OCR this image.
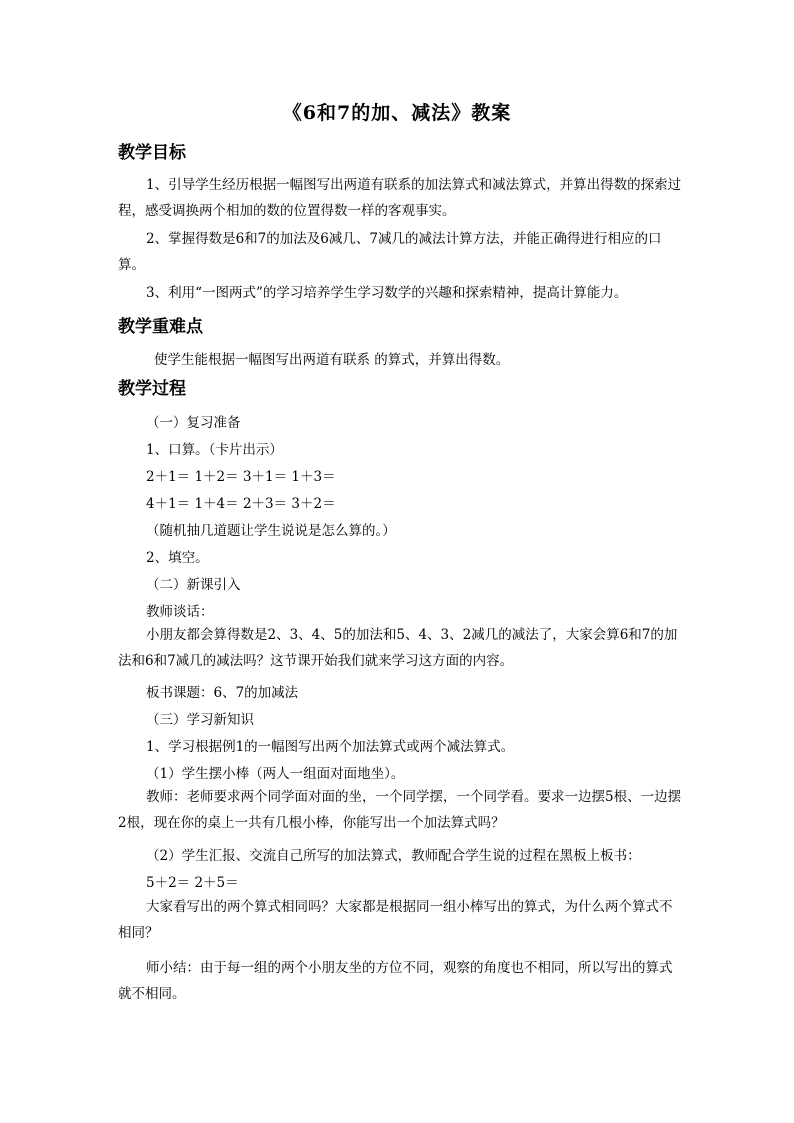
《6和7的加、减法》教案
教学目标
1、引导学生经历根据一幅图写出两道有联系的加法算式和减法算式，并算出得数的探索过程，感受调换两个相加的数的位置得数一样的客观事实。
2、掌握得数是6和7的加法及6减几、7减几的减法计算方法，并能正确得进行相应的口算。
3、利用“一图两式”的学习培养学生学习数学的兴趣和探索精神，提高计算能力。
教学重难点
使学生能根据一幅图写出两道有联系 的算式，并算出得数。
教学过程
（一）复习准备
1、口算。（卡片出示）
2＋1＝ 1＋2＝ 3＋1＝ 1＋3＝
4＋1＝ 1＋4＝ 2＋3＝ 3＋2＝
（随机抽几道题让学生说说是怎么算的。）
2、填空。
（二）新课引入
教师谈话：
小朋友都会算得数是2、3、4、5的加法和5、4、3、2减几的减法了，大家会算6和7的加法和6和7减几的减法吗？这节课开始我们就来学习这方面的内容。
板书课题：6、7的加减法
（三）学习新知识
1、学习根据例1的一幅图写出两个加法算式或两个减法算式。
（1）学生摆小棒（两人一组面对面地坐）。
教师：老师要求两个同学面对面的坐，一个同学摆，一个同学看。要求一边摆5根、一边摆2根，现在你的桌上一共有几根小棒，你能写出一个加法算式吗？
（2）学生汇报、交流自己所写的加法算式，教师配合学生说的过程在黑板上板书：
5＋2＝ 2＋5＝
大家看写出的两个算式相同吗？大家都是根据同一组小棒写出的算式，为什么两个算式不相同？
师小结：由于每一组的两个小朋友坐的方位不同，观察的角度也不相同，所以写出的算式就不相同。
